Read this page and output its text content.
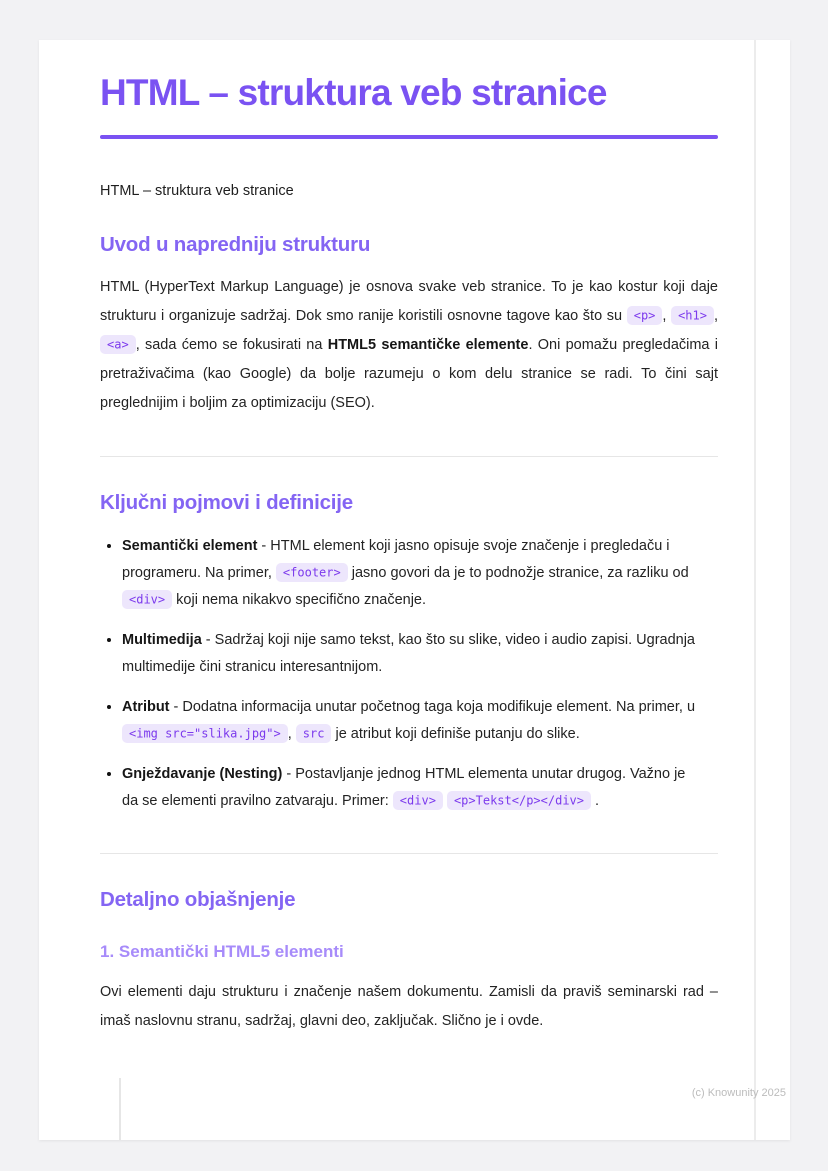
HTML – struktura veb stranice

HTML – struktura veb stranice

Uvod u napredniju strukturu

HTML (HyperText Markup Language) je osnova svake veb stranice. To je kao kostur koji daje strukturu i organizuje sadržaj. Dok smo ranije koristili osnovne tagove kao što su <p> , <h1> , <a> , sada ćemo se fokusirati na HTML5 semantičke elemente. Oni pomažu pregledačima i pretraživačima (kao Google) da bolje razumeju o kom delu stranice se radi. To čini sajt preglednijim i boljim za optimizaciju (SEO).

Ključni pojmovi i definicije
• Semantički element - HTML element koji jasno opisuje svoje značenje i pregledaču i programeru. Na primer, <footer> jasno govori da je to podnožje stranice, za razliku od <div> koji nema nikakvo specifično značenje.
• Multimedija - Sadržaj koji nije samo tekst, kao što su slike, video i audio zapisi. Ugradnja multimedije čini stranicu interesantnijom.
• Atribut - Dodatna informacija unutar početnog taga koja modifikuje element. Na primer, u <img src="slika.jpg"> , src je atribut koji definiše putanju do slike.
• Gnježdavanje (Nesting) - Postavljanje jednog HTML elementa unutar drugog. Važno je da se elementi pravilno zatvaraju. Primer: <div> <p>Tekst</p></div> .
Detaljno objašnjenje
1. Semantički HTML5 elementi

Ovi elementi daju strukturu i značenje našem dokumentu. Zamisli da praviš seminarski rad – imaš naslovnu stranu, sadržaj, glavni deo, zaključak. Slično je i ovde.

(c) Knowunity 2025
